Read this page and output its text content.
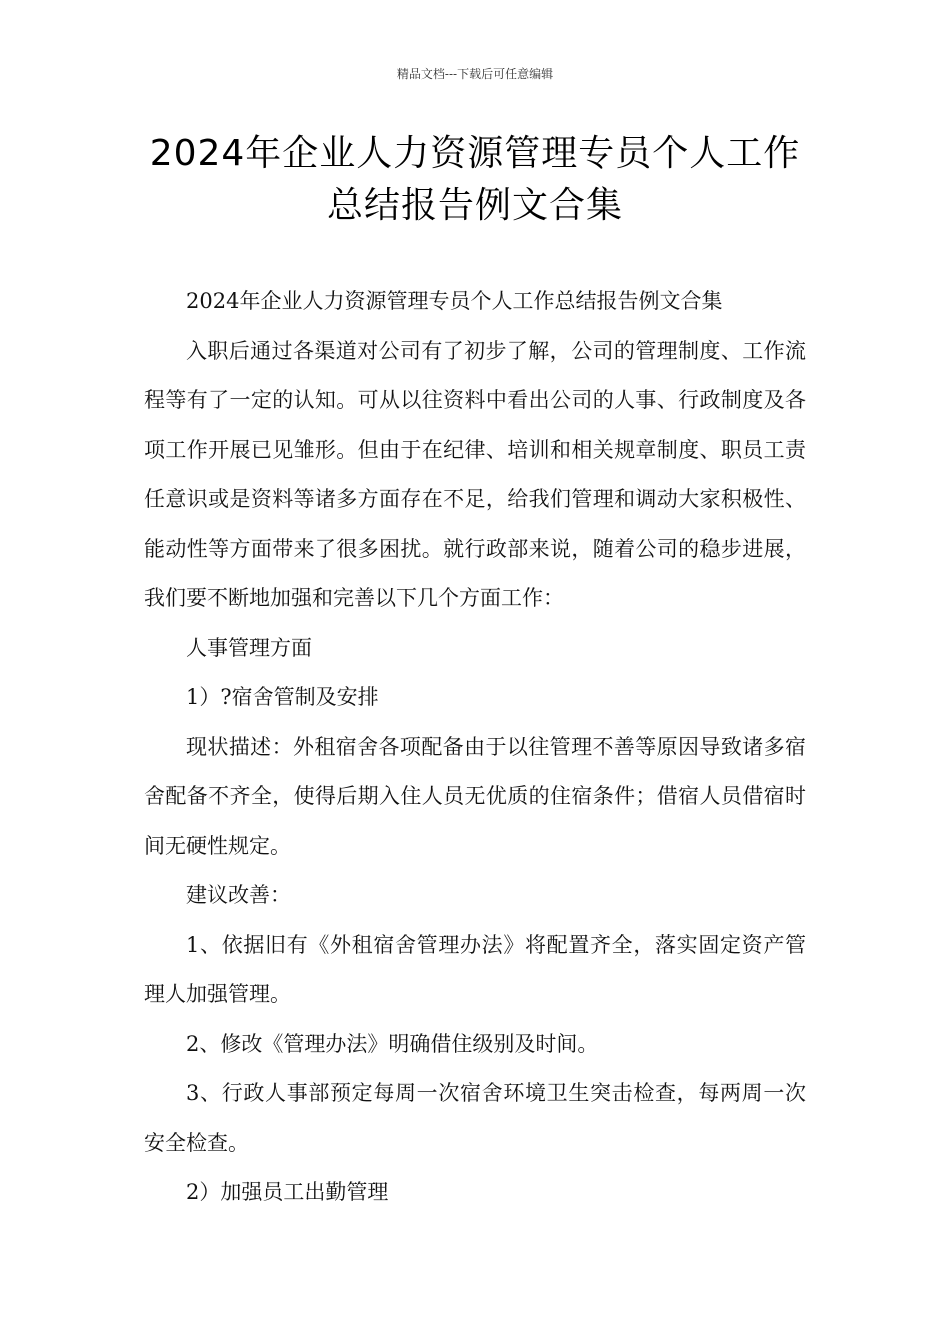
精品文档---下载后可任意编辑
2024年企业人力资源管理专员个人工作
总结报告例文合集

2024年企业人力资源管理专员个人工作总结报告例文合集

入职后通过各渠道对公司有了初步了解，公司的管理制度、工作流程等有了一定的认知。可从以往资料中看出公司的人事、行政制度及各项工作开展已见雏形。但由于在纪律、培训和相关规章制度、职员工责任意识或是资料等诸多方面存在不足，给我们管理和调动大家积极性、能动性等方面带来了很多困扰。就行政部来说，随着公司的稳步进展，我们要不断地加强和完善以下几个方面工作：

人事管理方面

1）?宿舍管制及安排

现状描述：外租宿舍各项配备由于以往管理不善等原因导致诸多宿舍配备不齐全，使得后期入住人员无优质的住宿条件；借宿人员借宿时间无硬性规定。

建议改善：

1、依据旧有《外租宿舍管理办法》将配置齐全，落实固定资产管理人加强管理。

2、修改《管理办法》明确借住级别及时间。

3、行政人事部预定每周一次宿舍环境卫生突击检查，每两周一次安全检查。

2）加强员工出勤管理
